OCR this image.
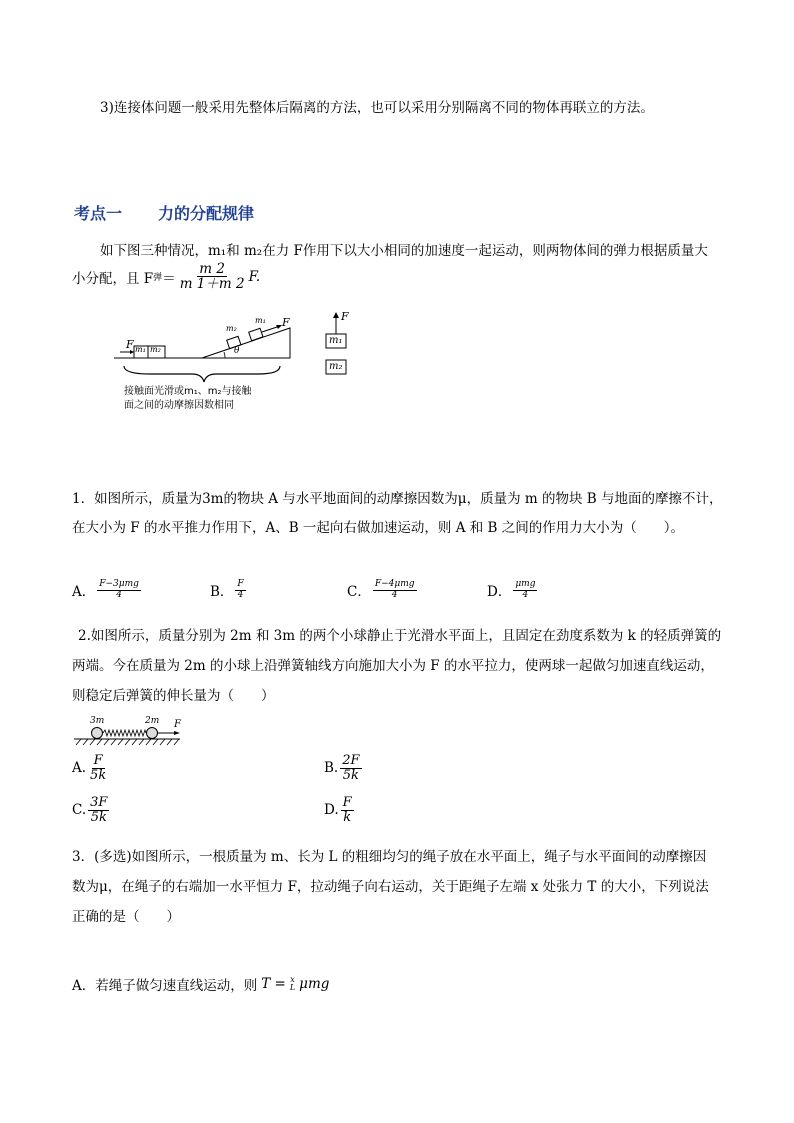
3)连接体问题一般采用先整体后隔离的方法，也可以采用分别隔离不同的物体再联立的方法。
考点一 力的分配规律
如下图三种情况，m₁和 m₂在力 F作用下以大小相同的加速度一起运动，则两物体间的弹力根据质量大
小分配，且 F 弹 ＝ $\frac{m 2}{m 1+m 2} F$.
F m₁ m₂
m₂
m₁ F
θ
F
m₁
m₂
接触面光滑或m₁、m₂与接触
面之间的动摩擦因数相同
1．如图所示，质量为3m的物块 A 与水平地面间的动摩擦因数为μ，质量为 m 的物块 B 与地面的摩擦不计，
在大小为 F 的水平推力作用下，A、B 一起向右做加速运动，则 A 和 B 之间的作用力大小为（　　）。
A． $\frac{\text{F−3μmg}}{4}$	B． $\frac{F}{4}$	C． $\frac{\text{F−4μmg}}{4}$	D． $\frac{\text{μmg}}{4}$
2.如图所示，质量分别为 2m 和 3m 的两个小球静止于光滑水平面上，且固定在劲度系数为 k 的轻质弹簧的
两端。今在质量为 2m 的小球上沿弹簧轴线方向施加大小为 F 的水平拉力，使两球一起做匀加速直线运动，
则稳定后弹簧的伸长量为（　　）
3m	2m F
A. $\frac{F}{5k}$	B. $\frac{2F}{5k}$
C. $\frac{3F}{5k}$	D. $\frac{F}{k}$
3．(多选)如图所示，一根质量为 m、长为 L 的粗细均匀的绳子放在水平面上，绳子与水平面间的动摩擦因
数为μ，在绳子的右端加一水平恒力 F，拉动绳子向右运动，关于距绳子左端 x 处张力 T 的大小，下列说法
正确的是（　　）
A．若绳子做匀速直线运动，则 T = x
L μmg
